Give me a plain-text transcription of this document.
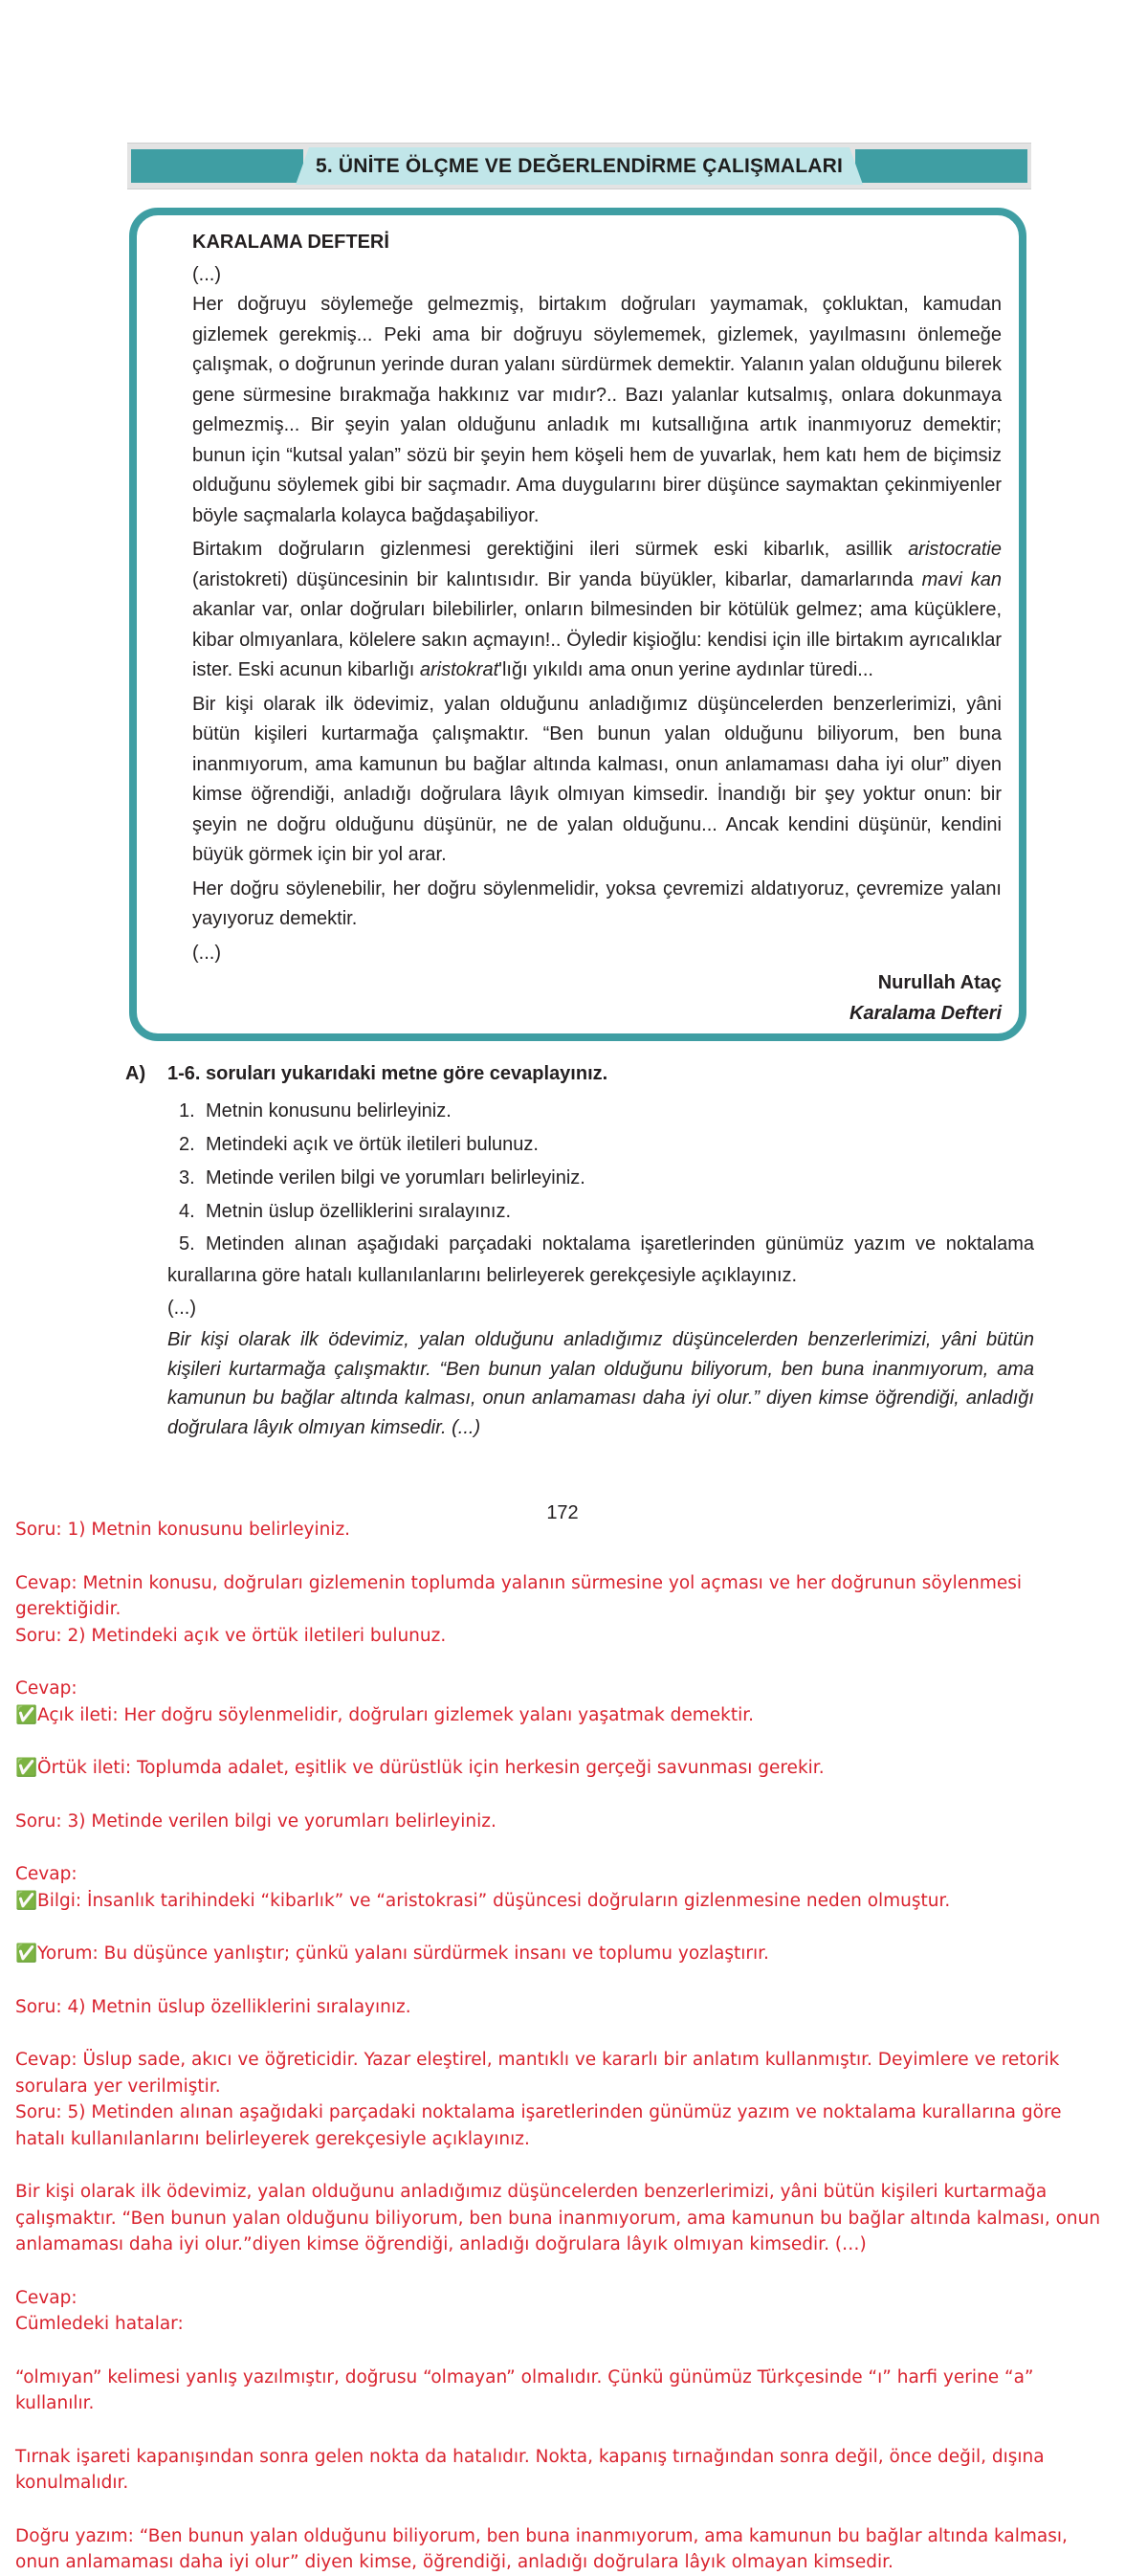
5. ÜNİTE ÖLÇME VE DEĞERLENDİRME ÇALIŞMALARI
KARALAMA DEFTERİ
(...)

Her doğruyu söylemeğe gelmezmiş, birtakım doğruları yaymamak, çokluktan, kamudan gizlemek gerekmiş... Peki ama bir doğruyu söylememek, gizlemek, yayılmasını önlemeğe çalışmak, o doğrunun yerinde duran yalanı sürdürmek demektir. Yalanın yalan olduğunu bilerek gene sürmesine bırakmağa hakkınız var mıdır?.. Bazı yalanlar kutsalmış, onlara dokunmaya gelmezmiş... Bir şeyin yalan olduğunu anladık mı kutsallığına artık inanmıyoruz demektir; bunun için “kutsal yalan” sözü bir şeyin hem köşeli hem de yuvarlak, hem katı hem de biçimsiz olduğunu söylemek gibi bir saçmadır. Ama duygularını birer düşünce saymaktan çekinmiyenler böyle saçmalarla kolayca bağdaşabiliyor.

Birtakım doğruların gizlenmesi gerektiğini ileri sürmek eski kibarlık, asillik aristocratie (aristokreti) düşüncesinin bir kalıntısıdır. Bir yanda büyükler, kibarlar, damarlarında mavi kan akanlar var, onlar doğruları bilebilirler, onların bilmesinden bir kötülük gelmez; ama küçüklere, kibar olmıyanlara, kölelere sakın açmayın!.. Öyledir kişioğlu: kendisi için ille birtakım ayrıcalıklar ister. Eski acunun kibarlığı aristokrat'lığı yıkıldı ama onun yerine aydınlar türedi...

Bir kişi olarak ilk ödevimiz, yalan olduğunu anladığımız düşüncelerden benzerlerimizi, yâni bütün kişileri kurtarmağa çalışmaktır. “Ben bunun yalan olduğunu biliyorum, ben buna inanmıyorum, ama kamunun bu bağlar altında kalması, onun anlamaması daha iyi olur” diyen kimse öğrendiği, anladığı doğrulara lâyık olmıyan kimsedir. İnandığı bir şey yoktur onun: bir şeyin ne doğru olduğunu düşünür, ne de yalan olduğunu... Ancak kendini düşünür, kendini büyük görmek için bir yol arar.

Her doğru söylenebilir, her doğru söylenmelidir, yoksa çevremizi aldatıyoruz, çevremize yalanı yayıyoruz demektir.

(...)
Nurullah Ataç
Karalama Defteri
A) 1-6. soruları yukarıdaki metne göre cevaplayınız.
1. Metnin konusunu belirleyiniz.
2. Metindeki açık ve örtük iletileri bulunuz.
3. Metinde verilen bilgi ve yorumları belirleyiniz.
4. Metnin üslup özelliklerini sıralayınız.
5. Metinden alınan aşağıdaki parçadaki noktalama işaretlerinden günümüz yazım ve noktalama kurallarına göre hatalı kullanılanlarını belirleyerek gerekçesiyle açıklayınız.
(...)
Bir kişi olarak ilk ödevimiz, yalan olduğunu anladığımız düşüncelerden benzerlerimizi, yâni bütün kişileri kurtarmağa çalışmaktır. “Ben bunun yalan olduğunu biliyorum, ben buna inanmıyorum, ama kamunun bu bağlar altında kalması, onun anlamaması daha iyi olur.” diyen kimse öğrendiği, anladığı doğrulara lâyık olmıyan kimsedir. (...)
172

Soru: 1) Metnin konusunu belirleyiniz.

Cevap: Metnin konusu, doğruları gizlemenin toplumda yalanın sürmesine yol açması ve her doğrunun söylenmesi gerektiğidir.

Soru: 2) Metindeki açık ve örtük iletileri bulunuz.

Cevap:

✅Açık ileti: Her doğru söylenmelidir, doğruları gizlemek yalanı yaşatmak demektir.

✅Örtük ileti: Toplumda adalet, eşitlik ve dürüstlük için herkesin gerçeği savunması gerekir.

Soru: 3) Metinde verilen bilgi ve yorumları belirleyiniz.

Cevap:

✅Bilgi: İnsanlık tarihindeki “kibarlık” ve “aristokrasi” düşüncesi doğruların gizlenmesine neden olmuştur.

✅Yorum: Bu düşünce yanlıştır; çünkü yalanı sürdürmek insanı ve toplumu yozlaştırır.

Soru: 4) Metnin üslup özelliklerini sıralayınız.

Cevap: Üslup sade, akıcı ve öğreticidir. Yazar eleştirel, mantıklı ve kararlı bir anlatım kullanmıştır. Deyimlere ve retorik sorulara yer verilmiştir.

Soru: 5) Metinden alınan aşağıdaki parçadaki noktalama işaretlerinden günümüz yazım ve noktalama kurallarına göre hatalı kullanılanlarını belirleyerek gerekçesiyle açıklayınız.

Bir kişi olarak ilk ödevimiz, yalan olduğunu anladığımız düşüncelerden benzerlerimizi, yâni bütün kişileri kurtarmağa çalışmaktır. “Ben bunun yalan olduğunu biliyorum, ben buna inanmıyorum, ama kamunun bu bağlar altında kalması, onun anlamaması daha iyi olur.”diyen kimse öğrendiği, anladığı doğrulara lâyık olmıyan kimsedir. (…)

Cevap:

Cümledeki hatalar:

“olmıyan” kelimesi yanlış yazılmıştır, doğrusu “olmayan” olmalıdır. Çünkü günümüz Türkçesinde “ı” harfi yerine “a” kullanılır.

Tırnak işareti kapanışından sonra gelen nokta da hatalıdır. Nokta, kapanış tırnağından sonra değil, önce değil, dışına konulmalıdır.

Doğru yazım: “Ben bunun yalan olduğunu biliyorum, ben buna inanmıyorum, ama kamunun bu bağlar altında kalması, onun anlamaması daha iyi olur” diyen kimse, öğrendiği, anladığı doğrulara lâyık olmayan kimsedir.
